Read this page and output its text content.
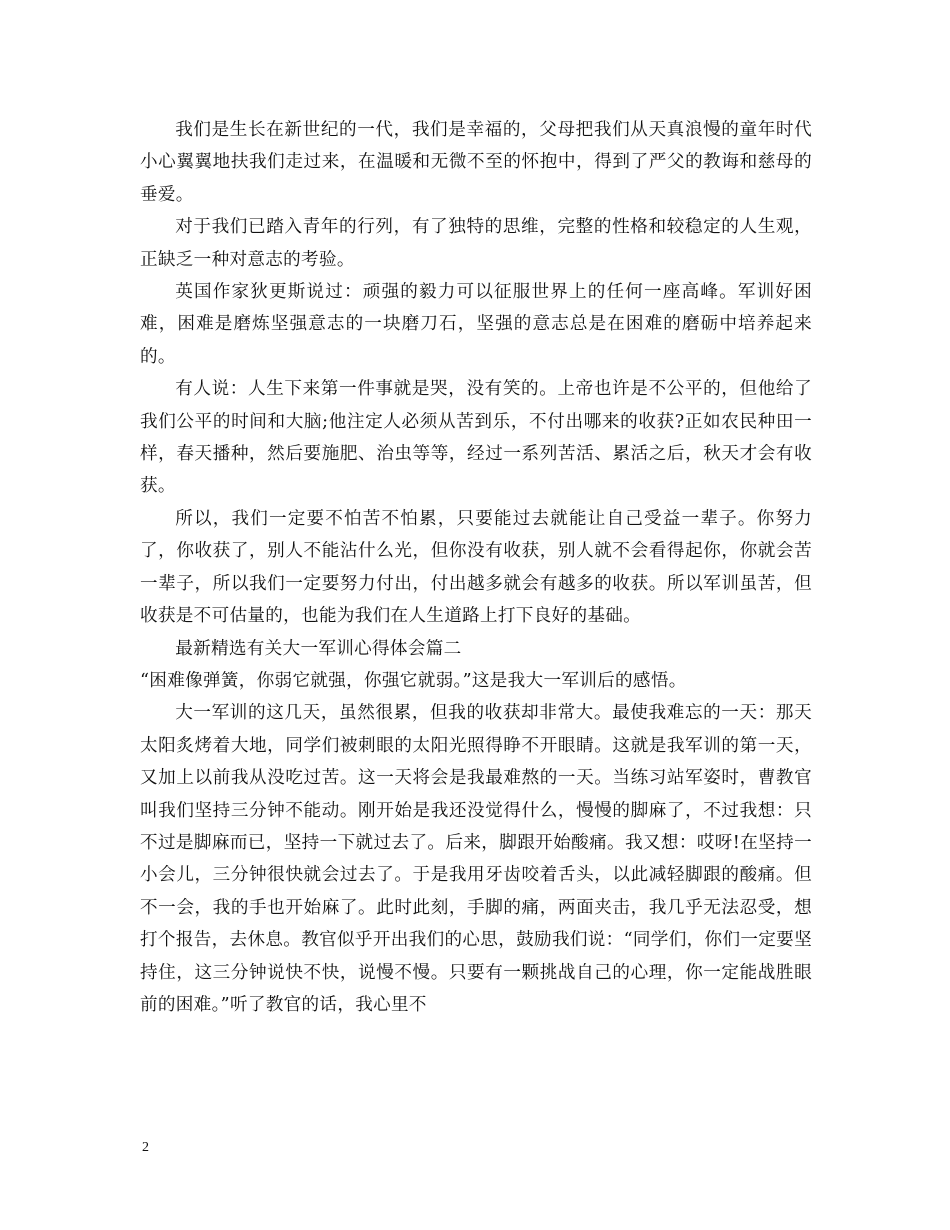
我们是生长在新世纪的一代，我们是幸福的，父母把我们从天真浪慢的童年时代小心翼翼地扶我们走过来，在温暖和无微不至的怀抱中，得到了严父的教诲和慈母的垂爱。

对于我们已踏入青年的行列，有了独特的思维，完整的性格和较稳定的人生观，正缺乏一种对意志的考验。

英国作家狄更斯说过：顽强的毅力可以征服世界上的任何一座高峰。军训好困难，困难是磨炼坚强意志的一块磨刀石，坚强的意志总是在困难的磨砺中培养起来的。

有人说：人生下来第一件事就是哭，没有笑的。上帝也许是不公平的，但他给了我们公平的时间和大脑;他注定人必须从苦到乐，不付出哪来的收获?正如农民种田一样，春天播种，然后要施肥、治虫等等，经过一系列苦活、累活之后，秋天才会有收获。

所以，我们一定要不怕苦不怕累，只要能过去就能让自己受益一辈子。你努力了，你收获了，别人不能沾什么光，但你没有收获，别人就不会看得起你，你就会苦一辈子，所以我们一定要努力付出，付出越多就会有越多的收获。所以军训虽苦，但收获是不可估量的，也能为我们在人生道路上打下良好的基础。

最新精选有关大一军训心得体会篇二

“困难像弹簧，你弱它就强，你强它就弱。”这是我大一军训后的感悟。

大一军训的这几天，虽然很累，但我的收获却非常大。最使我难忘的一天：那天太阳炙烤着大地，同学们被刺眼的太阳光照得睁不开眼睛。这就是我军训的第一天，又加上以前我从没吃过苦。这一天将会是我最难熬的一天。当练习站军姿时，曹教官叫我们坚持三分钟不能动。刚开始是我还没觉得什么，慢慢的脚麻了，不过我想：只不过是脚麻而已，坚持一下就过去了。后来，脚跟开始酸痛。我又想：哎呀!在坚持一小会儿，三分钟很快就会过去了。于是我用牙齿咬着舌头，以此减轻脚跟的酸痛。但不一会，我的手也开始麻了。此时此刻，手脚的痛，两面夹击，我几乎无法忍受，想打个报告，去休息。教官似乎开出我们的心思，鼓励我们说：“同学们，你们一定要坚持住，这三分钟说快不快，说慢不慢。只要有一颗挑战自己的心理，你一定能战胜眼前的困难。”听了教官的话，我心里不

2
